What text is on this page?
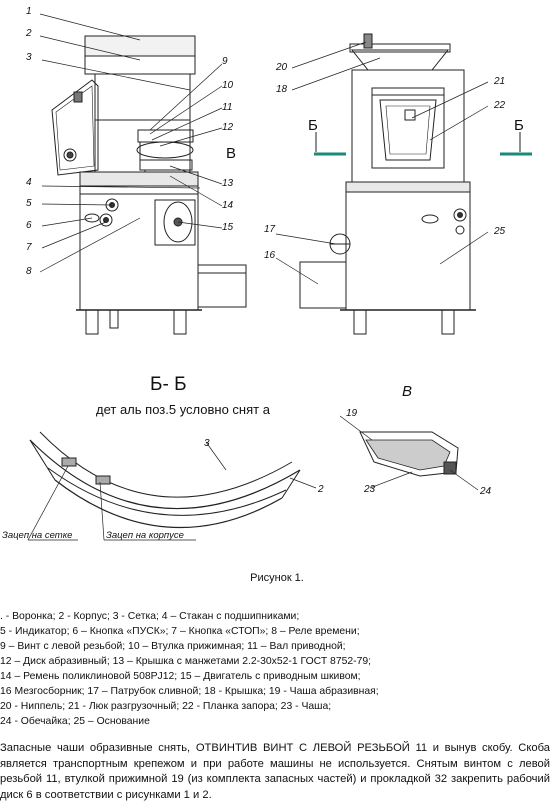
1
2
3
4
5
6
7
8
9
10
11
12
13
14
15
16
17
18
20
21
22
25
В
Б	Б
Б- Б
дет аль поз.5 условно снят а
3
2
Зацеп на сетке	Зацеп на корпусе
В
19
23	24
Рисунок 1.
. - Воронка; 2 - Корпус; 3 - Сетка; 4 – Стакан с подшипниками;
5 - Индикатор; 6 – Кнопка «ПУСК»; 7 – Кнопка «СТОП»; 8 – Реле времени;
9 – Винт с левой резьбой; 10 – Втулка прижимная; 11 – Вал приводной;
12 – Диск абразивный; 13 – Крышка с манжетами 2.2-30х52-1 ГОСТ 8752-79;
14 – Ремень поликлиновой 508PJ12; 15 – Двигатель с приводным шкивом;
16 Мезгосборник; 17 – Патрубок сливной; 18 - Крышка; 19 - Чаша абразивная;
20 - Ниппель; 21 - Люк разгрузочный; 22 - Планка запора; 23 - Чаша;
24 - Обечайка; 25 – Основание
Запасные чаши образивные снять, ОТВИНТИВ ВИНТ С ЛЕВОЙ РЕЗЬБОЙ 11 и вынув скобу. Скоба является транспортным крепежом и при работе машины не используется. Снятым винтом с левой резьбой 11, втулкой прижимной 19 (из комплекта запасных частей) и прокладкой 32 закрепить рабочий диск 6 в соответствии с рисунками 1 и 2.
